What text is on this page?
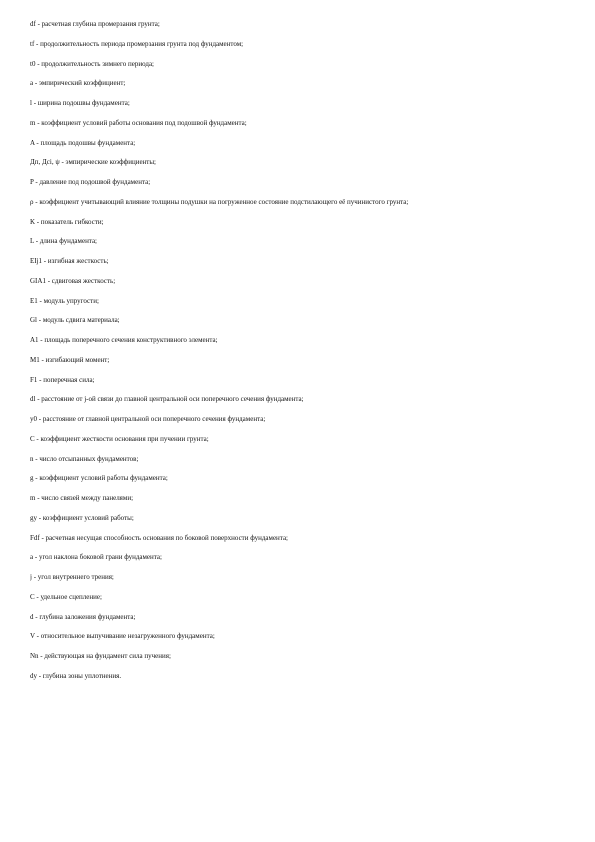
df - расчетная глубина промерзания грунта;
tf - продолжительность периода промерзания грунта под фундаментом;
t0 - продолжительность зимнего периода;
a - эмпирический коэффициент;
l - ширина подошвы фундамента;
m - коэффициент условий работы основания под подошвой фундамента;
A - площадь подошвы фундамента;
Дп, Дсі, ψ - эмпирические коэффициенты;
P - давление под подошвой фундамента;
ρ - коэффициент учитывающий влияние толщины подушки на погруженное состояние подстилающего её пучинистого грунта;
K - показатель гибкости;
L - длина фундамента;
EIj1 - изгибная жесткость;
GIA1 - сдвиговая жесткость;
E1 - модуль упругости;
Gl - модуль сдвига материала;
A1 - площадь поперечного сечения конструктивного элемента;
M1 - изгибающий момент;
F1 - поперечная сила;
dl - расстояние от j-ой связи до главной центральной оси поперечного сечения фундамента;
y0 - расстояние от главной центральной оси поперечного сечения фундамента;
C - коэффициент жесткости основания при пучении грунта;
n - число отсыпанных фундаментов;
g - коэффициент условий работы фундамента;
m - число связей между панелями;
gy - коэффициент условий работы;
Fdf - расчетная несущая способность основания по боковой поверхности фундамента;
a - угол наклона боковой грани фундамента;
j - угол внутреннего трения;
C - удельное сцепление;
d - глубина заложения фундамента;
V - относительное выпучивание незагруженного фундамента;
Nn - действующая на фундамент сила пучения;
dy - глубина зоны уплотнения.
